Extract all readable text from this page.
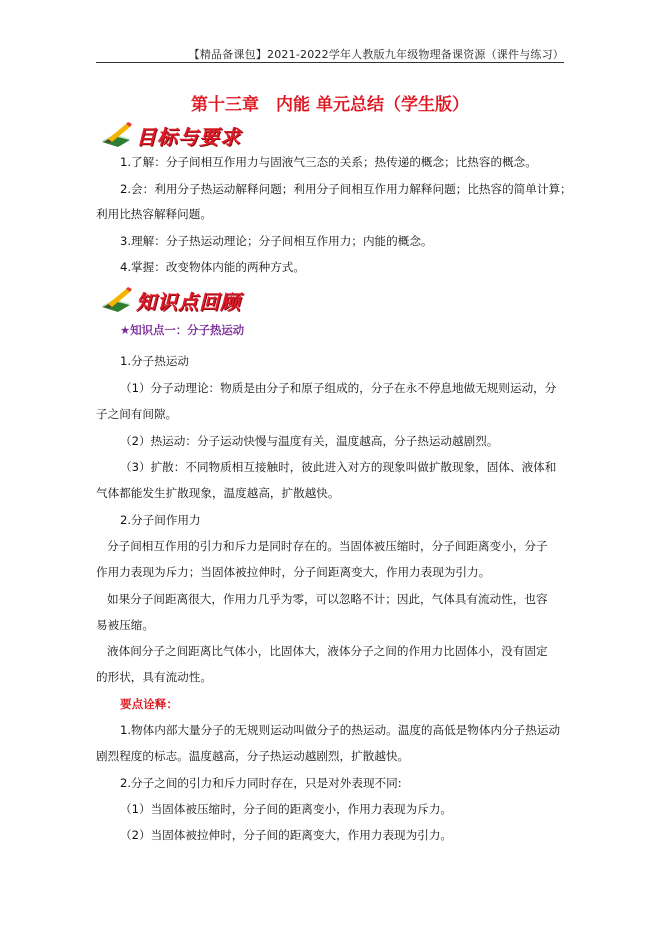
【精品备课包】2021-2022学年人教版九年级物理备课资源（课件与练习）
第十三章　内能 单元总结（学生版）
目标与要求
1.了解：分子间相互作用力与固液气三态的关系；热传递的概念；比热容的概念。
2.会：利用分子热运动解释问题；利用分子间相互作用力解释问题；比热容的简单计算；
利用比热容解释问题。
3.理解：分子热运动理论；分子间相互作用力；内能的概念。
4.掌握：改变物体内能的两种方式。
知识点回顾
★知识点一：分子热运动
1.分子热运动
（1）分子动理论：物质是由分子和原子组成的，分子在永不停息地做无规则运动，分
子之间有间隙。
（2）热运动：分子运动快慢与温度有关，温度越高，分子热运动越剧烈。
（3）扩散：不同物质相互接触时，彼此进入对方的现象叫做扩散现象，固体、液体和
气体都能发生扩散现象，温度越高，扩散越快。
2.分子间作用力
分子间相互作用的引力和斥力是同时存在的。当固体被压缩时，分子间距离变小，分子
作用力表现为斥力；当固体被拉伸时，分子间距离变大，作用力表现为引力。
如果分子间距离很大，作用力几乎为零，可以忽略不计；因此，气体具有流动性，也容
易被压缩。
液体间分子之间距离比气体小，比固体大，液体分子之间的作用力比固体小，没有固定
的形状，具有流动性。
要点诠释：
1.物体内部大量分子的无规则运动叫做分子的热运动。温度的高低是物体内分子热运动
剧烈程度的标志。温度越高，分子热运动越剧烈，扩散越快。
2.分子之间的引力和斥力同时存在，只是对外表现不同:
（1）当固体被压缩时，分子间的距离变小，作用力表现为斥力。
（2）当固体被拉伸时，分子间的距离变大，作用力表现为引力。
